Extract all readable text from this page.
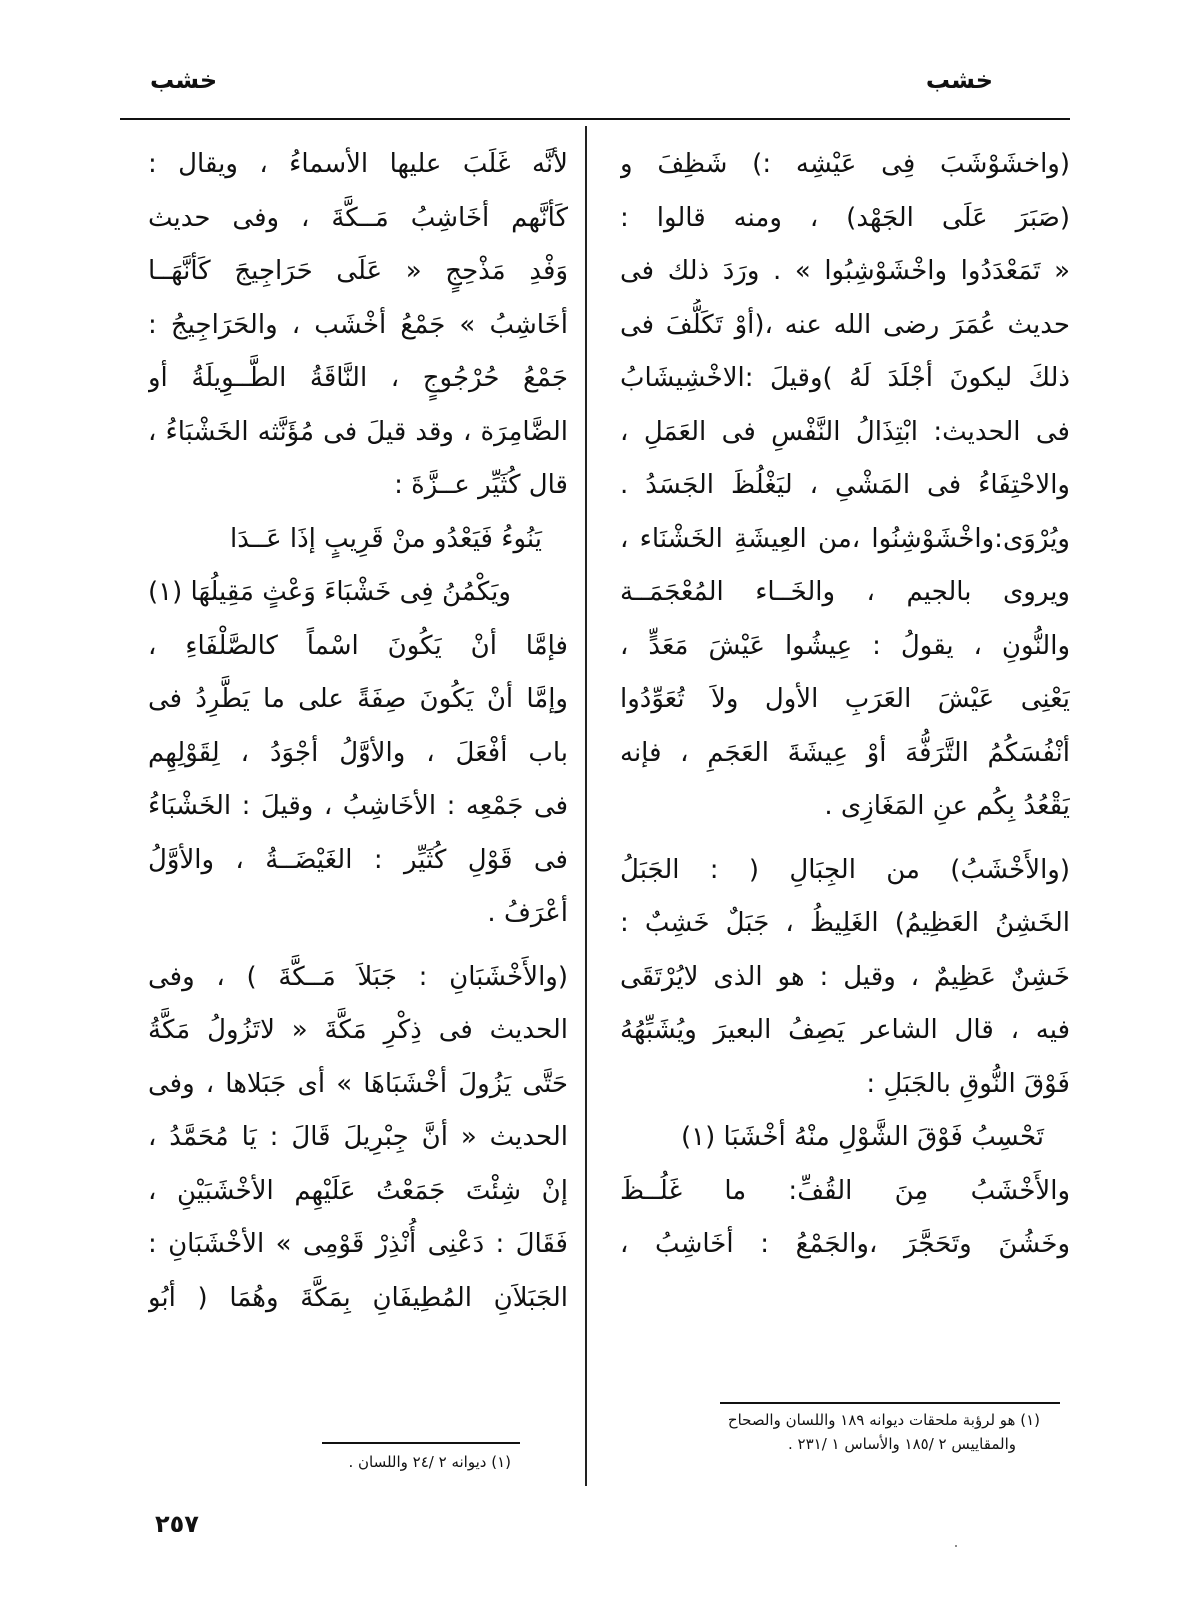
خشب
خشب
(واخشَوْشَبَ فِى عَيْشِه :) شَظِفَ و
(صَبَرَ عَلَى الجَهْد) ، ومنه قالوا :
« تَمَعْدَدُوا واخْشَوْشِبُوا » . ورَدَ ذلك فى
حديث عُمَرَ رضى الله عنه ،(أوْ تَكَلُّفَ فى
ذلكَ ليكونَ أجْلَدَ لَهُ )وقيلَ :الاخْشِيشَابُ
فى الحديث: ابْتِذَالُ النَّفْسِ فى العَمَلِ ،
والاحْتِفَاءُ فى المَشْىِ ، ليَغْلُظَ الجَسَدُ .
ويُرْوَى:واخْشَوْشِنُوا ،من العِيشَةِ الخَشْنَاء ،
ويروى بالجيم ، والخَــاء المُعْجَمَــة
والنُّونِ ، يقولُ : عِيشُوا عَيْشَ مَعَدٍّ ،
يَعْنِى عَيْشَ العَرَبِ الأول ولاَ تُعَوِّدُوا
أنْفُسَكُمُ التَّرَفُّهَ أوْ عِيشَةَ العَجَمِ ، فإنه
يَقْعُدُ بِكُم عنِ المَغَازِى .
(والأَخْشَبُ) من الجِبَالِ ( : الجَبَلُ
الخَشِنُ العَظِيمُ) الغَلِيظُ ، جَبَلٌ خَشِبٌ :
خَشِنٌ عَظِيمٌ ، وقيل : هو الذى لايُرْتَقَى
فيه ، قال الشاعر يَصِفُ البعيرَ ويُشَبِّهُهُ
فَوْقَ النُّوقِ بالجَبَلِ :
تَحْسِبُ فَوْقَ الشَّوْلِ منْهُ أخْشَبَا (١)
والأَخْشَبُ مِنَ القُفِّ: ما غَلُــظَ
وخَشُنَ وتَحَجَّرَ ،والجَمْعُ : أخَاشِبُ ،
لأنَّه غَلَبَ عليها الأسماءُ ، ويقال :
كَأنَّهم أخَاشِبُ مَــكَّةَ ، وفى حديث
وَفْدِ مَذْحِجٍ « عَلَى حَرَاجِيجَ كَأنَّهَــا
أخَاشِبُ » جَمْعُ أخْشَب ، والحَرَاجِيجُ :
جَمْعُ حُرْجُوجٍ ، النَّاقَةُ الطَّــوِيلَةُ أو
الضَّامِرَة ، وقد قيلَ فى مُؤَنَّثه الخَشْبَاءُ ،
قال كُثَيِّر عــزَّةَ :
يَنُوءُ فَيَعْدُو منْ قَرِيبٍ إذَا عَــدَا
ويَكْمُنُ فِى خَشْبَاءَ وَعْثٍ مَقِيلُهَا (١)
فإمَّا أنْ يَكُونَ اسْماً كالصَّلْفَاءِ ،
وإمَّا أنْ يَكُونَ صِفَةً على ما يَطَّرِدُ فى
باب أفْعَلَ ، والأوَّلُ أجْوَدُ ، لِقَوْلِهِم
فى جَمْعِه : الأخَاشِبُ ، وقيلَ : الخَشْبَاءُ
فى قَوْلِ كُثَيِّر : الغَيْضَــةُ ، والأوَّلُ
أعْرَفُ .
(والأَخْشَبَانِ : جَبَلاَ مَــكَّةَ ) ، وفى
الحديث فى ذِكْرِ مَكَّةَ « لاتَزُولُ مَكَّةُ
حَتَّى يَزُولَ أخْشَبَاهَا » أى جَبَلاها ، وفى
الحديث « أنَّ جِبْرِيلَ قَالَ : يَا مُحَمَّدُ ،
إنْ شِئْتَ جَمَعْتُ عَلَيْهِم الأخْشَبَيْنِ ،
فَقَالَ : دَعْنِى أُنْذِرْ قَوْمِى » الأخْشَبَانِ :
الجَبَلاَنِ المُطِيفَانِ بِمَكَّةَ وهُمَا ( أبُو
(١) هو لرؤبة ملحقات ديوانه ١٨٩ واللسان والصحاح
والمقاييس ٢ /١٨٥ والأساس ١ /٢٣١ .
(١) ديوانه ٢ /٢٤ واللسان .
٢٥٧
